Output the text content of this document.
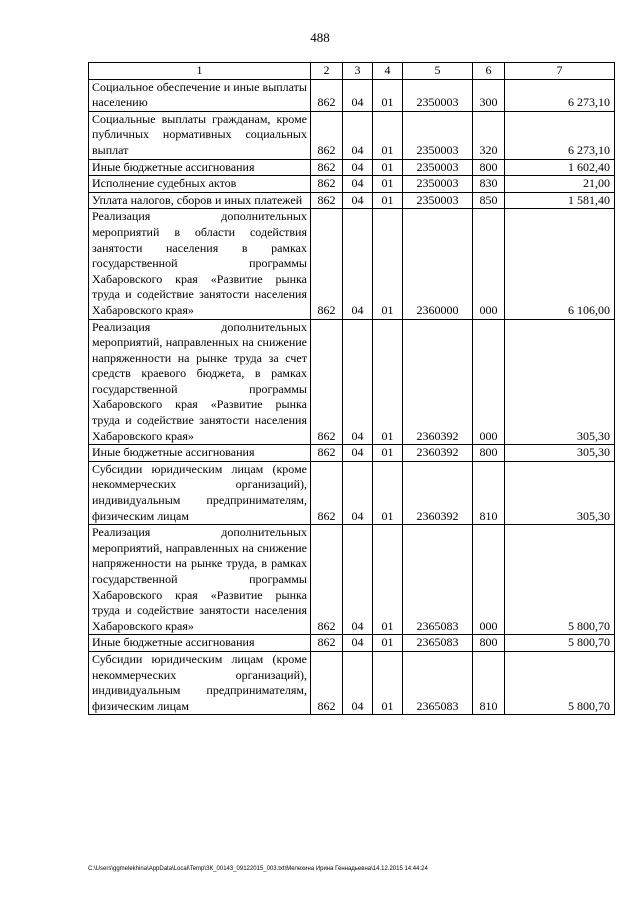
488
1	2	3	4	5	6	7
Социальное обеспечение и иные выплаты населению	862	04	01	2350003	300	6 273,10
Социальные выплаты гражданам, кроме публичных нормативных социальных выплат	862	04	01	2350003	320	6 273,10
Иные бюджетные ассигнования	862	04	01	2350003	800	1 602,40
Исполнение судебных актов	862	04	01	2350003	830	21,00
Уплата налогов, сборов и иных платежей	862	04	01	2350003	850	1 581,40
Реализация дополнительных мероприятий в области содействия занятости населения в рамках государственной программы Хабаровского края «Развитие рынка труда и содействие занятости населения Хабаровского края»	862	04	01	2360000	000	6 106,00
Реализация дополнительных мероприятий, направленных на снижение напряженности на рынке труда за счет средств краевого бюджета, в рамках государственной программы Хабаровского края «Развитие рынка труда и содействие занятости населения Хабаровского края»	862	04	01	2360392	000	305,30
Иные бюджетные ассигнования	862	04	01	2360392	800	305,30
Субсидии юридическим лицам (кроме некоммерческих организаций), индивидуальным предпринимателям, физическим лицам	862	04	01	2360392	810	305,30
Реализация дополнительных мероприятий, направленных на снижение напряженности на рынке труда, в рамках государственной программы Хабаровского края «Развитие рынка труда и содействие занятости населения Хабаровского края»	862	04	01	2365083	000	5 800,70
Иные бюджетные ассигнования	862	04	01	2365083	800	5 800,70
Субсидии юридическим лицам (кроме некоммерческих организаций), индивидуальным предпринимателям, физическим лицам	862	04	01	2365083	810	5 800,70
C:\Users\ggmelekhina\AppData\Local\Temp\ЗК_00143_09122015_003.txt\Мелехина Ирина Геннадьевна\14.12.2015 14:44:24
